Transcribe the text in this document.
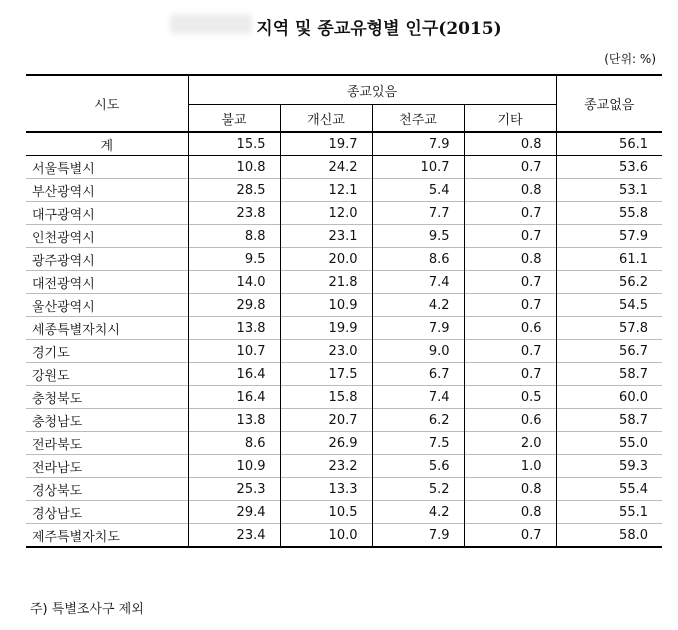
지역 및 종교유형별 인구(2015)
(단위: %)
시도	종교있음				종교없음
	불교	개신교	천주교	기타	
계	15.5	19.7	7.9	0.8	56.1
서울특별시	10.8	24.2	10.7	0.7	53.6
부산광역시	28.5	12.1	5.4	0.8	53.1
대구광역시	23.8	12.0	7.7	0.7	55.8
인천광역시	8.8	23.1	9.5	0.7	57.9
광주광역시	9.5	20.0	8.6	0.8	61.1
대전광역시	14.0	21.8	7.4	0.7	56.2
울산광역시	29.8	10.9	4.2	0.7	54.5
세종특별자치시	13.8	19.9	7.9	0.6	57.8
경기도	10.7	23.0	9.0	0.7	56.7
강원도	16.4	17.5	6.7	0.7	58.7
충청북도	16.4	15.8	7.4	0.5	60.0
충청남도	13.8	20.7	6.2	0.6	58.7
전라북도	8.6	26.9	7.5	2.0	55.0
전라남도	10.9	23.2	5.6	1.0	59.3
경상북도	25.3	13.3	5.2	0.8	55.4
경상남도	29.4	10.5	4.2	0.8	55.1
제주특별자치도	23.4	10.0	7.9	0.7	58.0
주) 특별조사구 제외
